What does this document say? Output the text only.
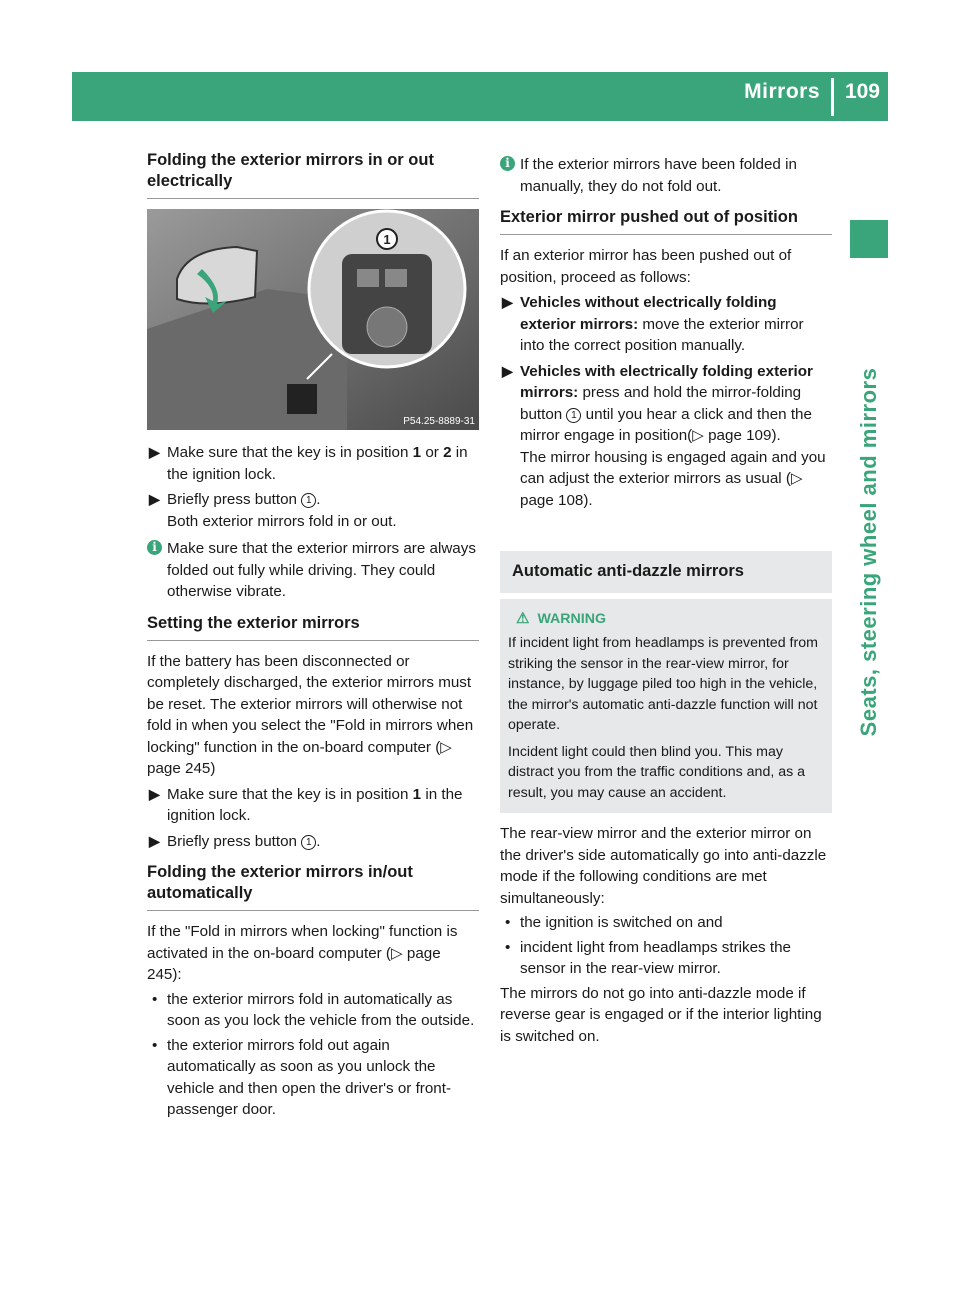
Mirrors 109
Seats, steering wheel and mirrors
Folding the exterior mirrors in or out electrically
1
P54.25-8889-31
▶ Make sure that the key is in position 1 or 2 in the ignition lock.
▶ Briefly press button 1 .

Both exterior mirrors fold in or out.

i Make sure that the exterior mirrors are always folded out fully while driving. They could otherwise vibrate.
Setting the exterior mirrors

If the battery has been disconnected or completely discharged, the exterior mirrors must be reset. The exterior mirrors will otherwise not fold in when you select the "Fold in mirrors when locking" function in the on-board computer (▷ page 245)

▶ Make sure that the key is in position 1 in the ignition lock.
▶ Briefly press button 1 .
Folding the exterior mirrors in/out automatically

If the "Fold in mirrors when locking" function is activated in the on-board computer (▷ page 245):

• the exterior mirrors fold in automatically as soon as you lock the vehicle from the outside.
• the exterior mirrors fold out again automatically as soon as you unlock the vehicle and then open the driver's or front-passenger door.
i If the exterior mirrors have been folded in manually, they do not fold out.
Exterior mirror pushed out of position

If an exterior mirror has been pushed out of position, proceed as follows:

▶ Vehicles without electrically folding exterior mirrors: move the exterior mirror into the correct position manually.
▶ Vehicles with electrically folding exterior mirrors: press and hold the mirror-folding button 1 until you hear a click and then the mirror engage in position(▷ page 109).
The mirror housing is engaged again and you can adjust the exterior mirrors as usual (▷ page 108).
Automatic anti-dazzle mirrors
⚠ WARNING

If incident light from headlamps is prevented from striking the sensor in the rear-view mirror, for instance, by luggage piled too high in the vehicle, the mirror's automatic anti-dazzle function will not operate.

Incident light could then blind you. This may distract you from the traffic conditions and, as a result, you may cause an accident.

The rear-view mirror and the exterior mirror on the driver's side automatically go into anti-dazzle mode if the following conditions are met simultaneously:

• the ignition is switched on and
• incident light from headlamps strikes the sensor in the rear-view mirror.

The mirrors do not go into anti-dazzle mode if reverse gear is engaged or if the interior lighting is switched on.
